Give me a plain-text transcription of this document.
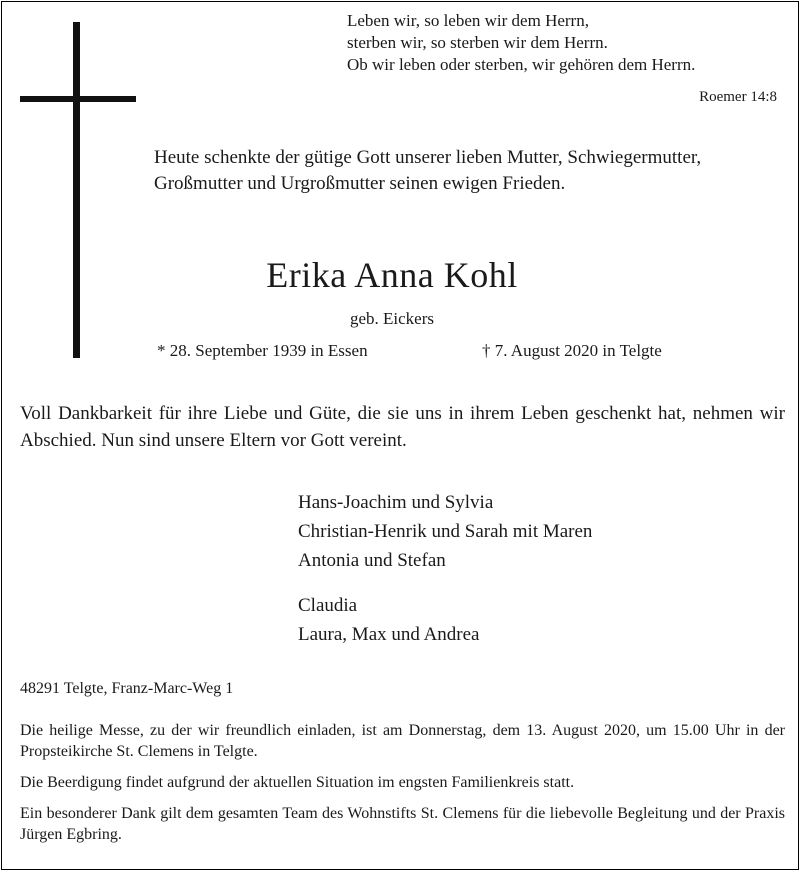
Leben wir, so leben wir dem Herrn,
sterben wir, so sterben wir dem Herrn.
Ob wir leben oder sterben, wir gehören dem Herrn.
Roemer 14:8
Heute schenkte der gütige Gott unserer lieben Mutter, Schwiegermutter, Großmutter und Urgroßmutter seinen ewigen Frieden.
Erika Anna Kohl
geb. Eickers
* 28. September 1939 in Essen	† 7. August 2020 in Telgte
Voll Dankbarkeit für ihre Liebe und Güte, die sie uns in ihrem Leben geschenkt hat, nehmen wir Abschied. Nun sind unsere Eltern vor Gott vereint.
Hans-Joachim und Sylvia
Christian-Henrik und Sarah mit Maren
Antonia und Stefan
Claudia
Laura, Max und Andrea
48291 Telgte, Franz-Marc-Weg 1

Die heilige Messe, zu der wir freundlich einladen, ist am Donnerstag, dem 13. August 2020, um 15.00 Uhr in der Propsteikirche St. Clemens in Telgte.

Die Beerdigung findet aufgrund der aktuellen Situation im engsten Familienkreis statt.

Ein besonderer Dank gilt dem gesamten Team des Wohnstifts St. Clemens für die liebevolle Begleitung und der Praxis Jürgen Egbring.
